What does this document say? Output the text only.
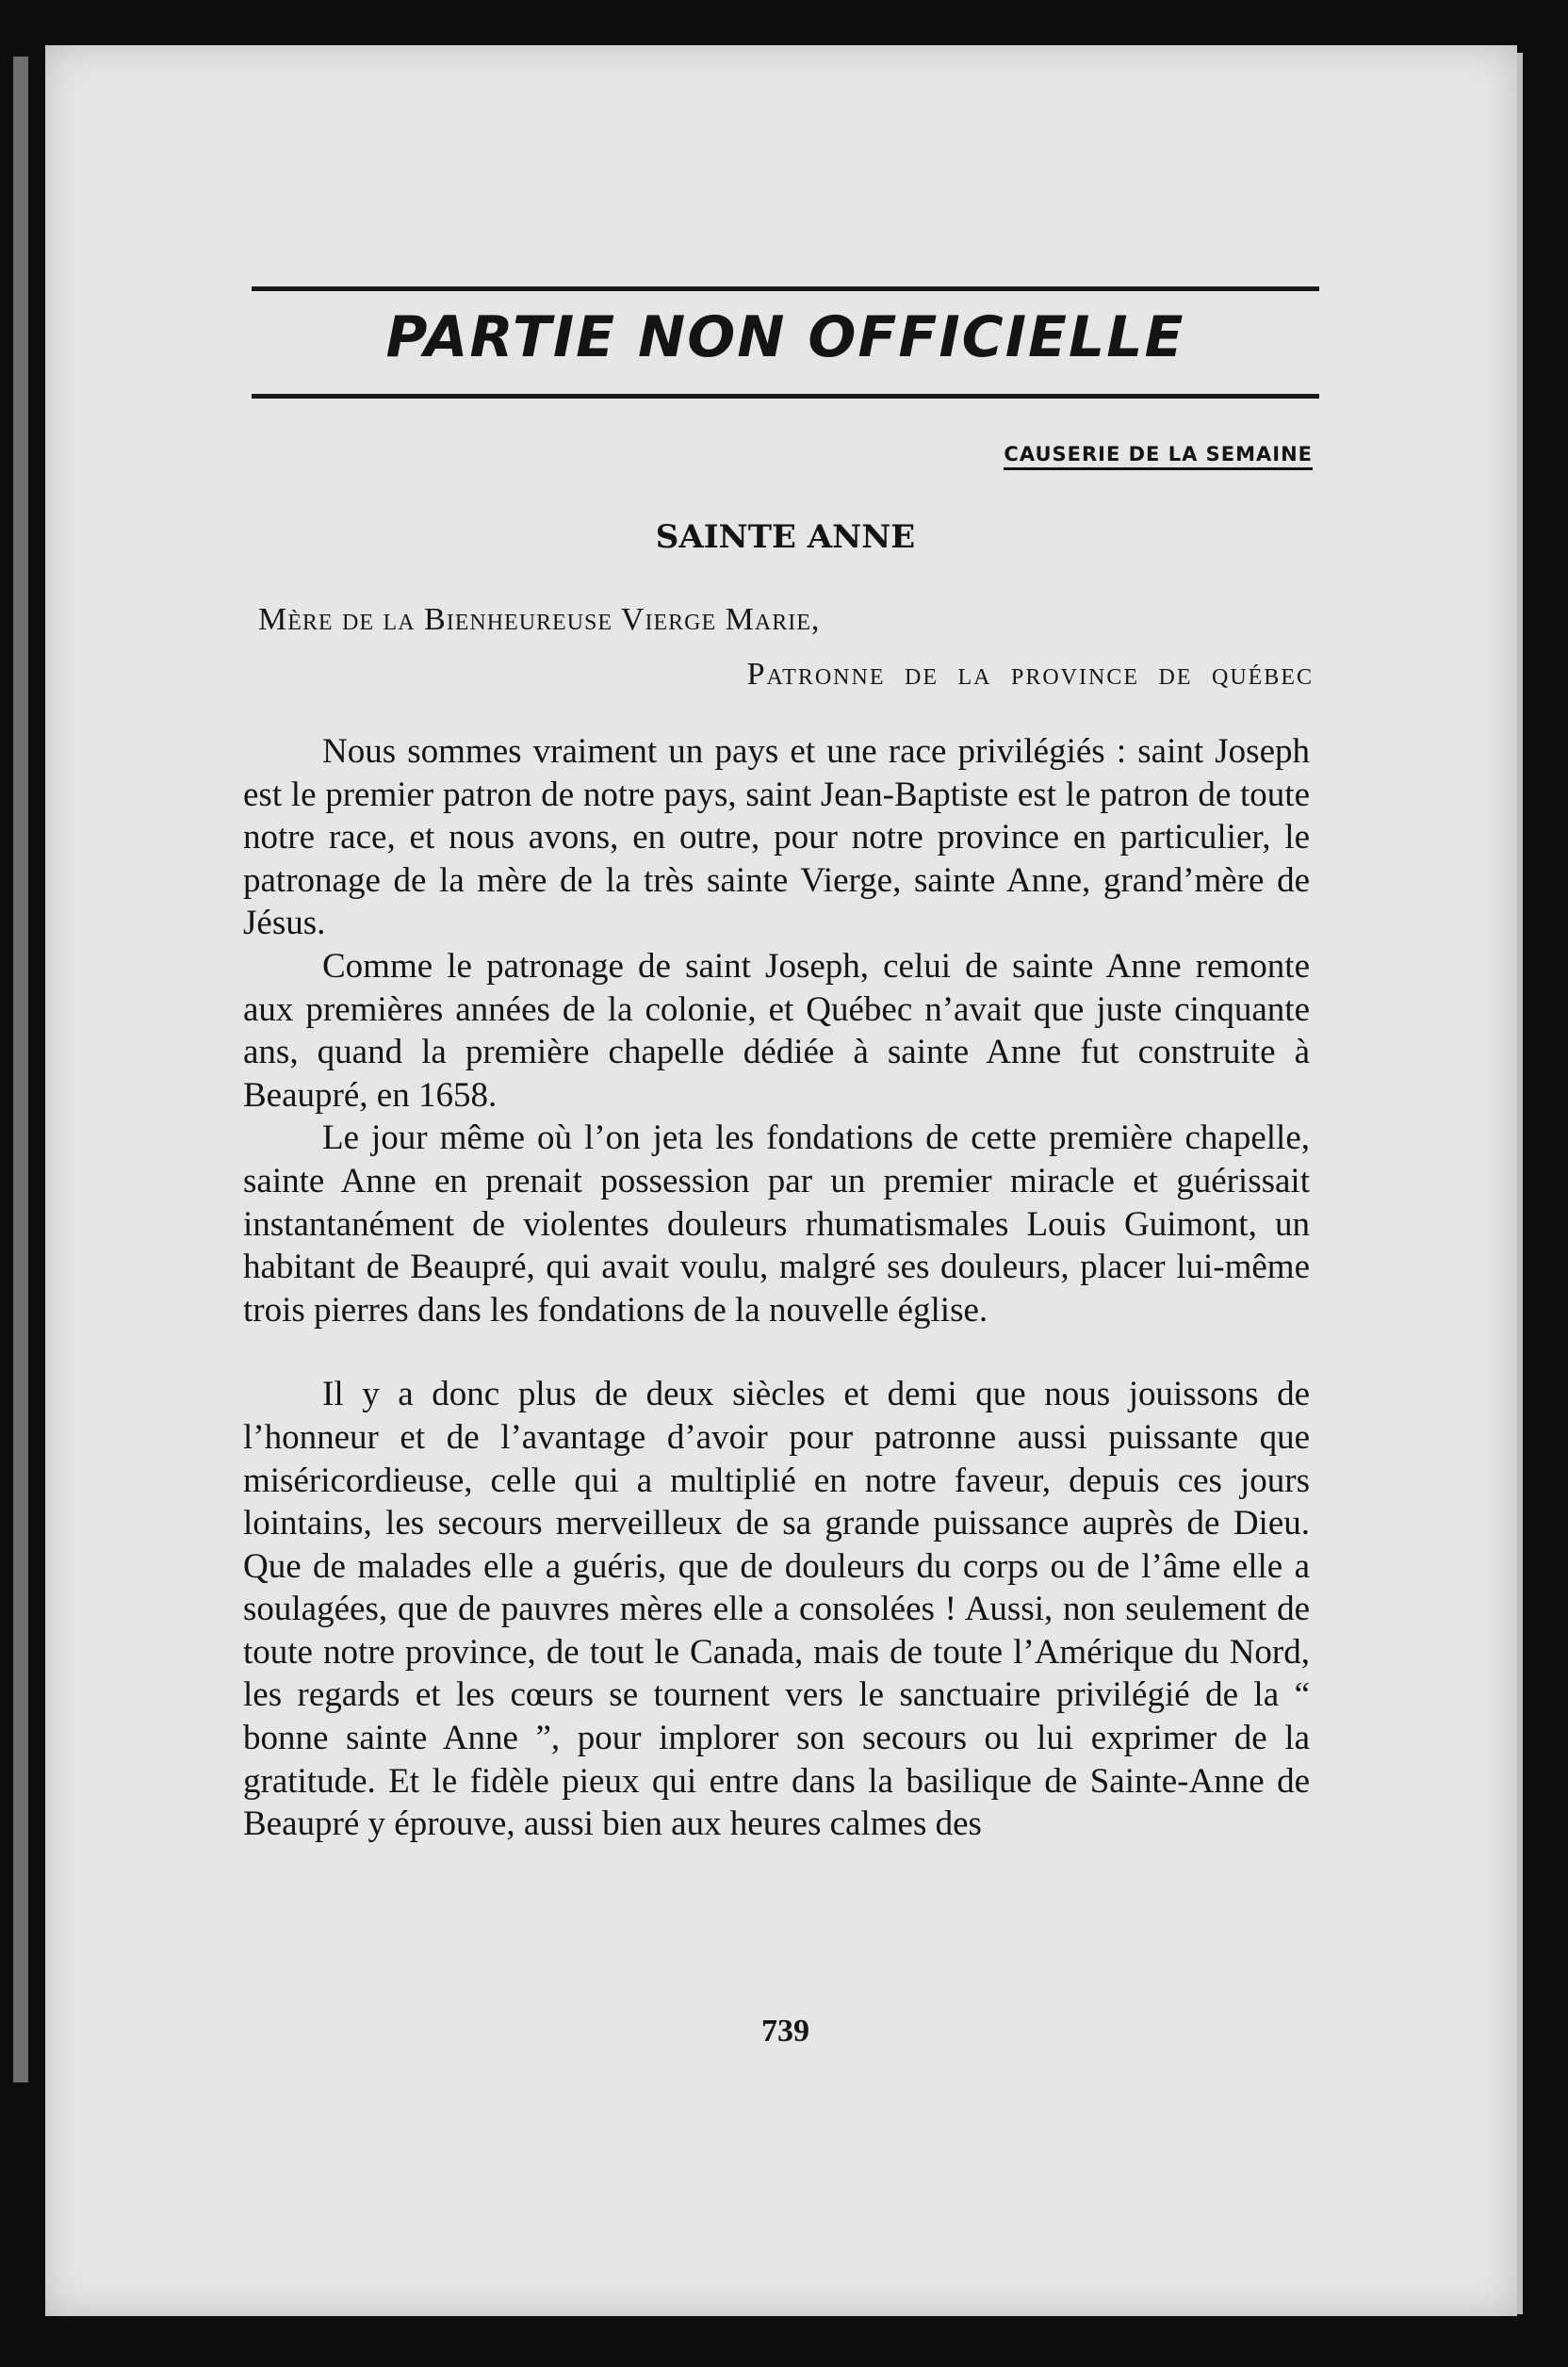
PARTIE NON OFFICIELLE
CAUSERIE DE LA SEMAINE
SAINTE ANNE
Mère de la Bienheureuse Vierge Marie,
Patronne de la province de québec

Nous sommes vraiment un pays et une race privilégiés : saint Joseph est le premier patron de notre pays, saint Jean-Baptiste est le patron de toute notre race, et nous avons, en outre, pour notre province en particulier, le patronage de la mère de la très sainte Vierge, sainte Anne, grand’mère de Jésus.

Comme le patronage de saint Joseph, celui de sainte Anne remonte aux premières années de la colonie, et Québec n’avait que juste cinquante ans, quand la première chapelle dédiée à sainte Anne fut construite à Beaupré, en 1658.

Le jour même où l’on jeta les fondations de cette première chapelle, sainte Anne en prenait possession par un premier miracle et guérissait instantanément de violentes douleurs rhumatismales Louis Guimont, un habitant de Beaupré, qui avait voulu, malgré ses douleurs, placer lui-même trois pierres dans les fondations de la nouvelle église.

Il y a donc plus de deux siècles et demi que nous jouissons de l’honneur et de l’avantage d’avoir pour patronne aussi puissante que miséricordieuse, celle qui a multiplié en notre faveur, depuis ces jours lointains, les secours merveilleux de sa grande puissance auprès de Dieu. Que de malades elle a guéris, que de douleurs du corps ou de l’âme elle a soulagées, que de pauvres mères elle a consolées ! Aussi, non seulement de toute notre province, de tout le Canada, mais de toute l’Amérique du Nord, les regards et les cœurs se tournent vers le sanctuaire privilégié de la “ bonne sainte Anne ”, pour implorer son secours ou lui exprimer de la gratitude. Et le fidèle pieux qui entre dans la basilique de Sainte-Anne de Beaupré y éprouve, aussi bien aux heures calmes des

739
